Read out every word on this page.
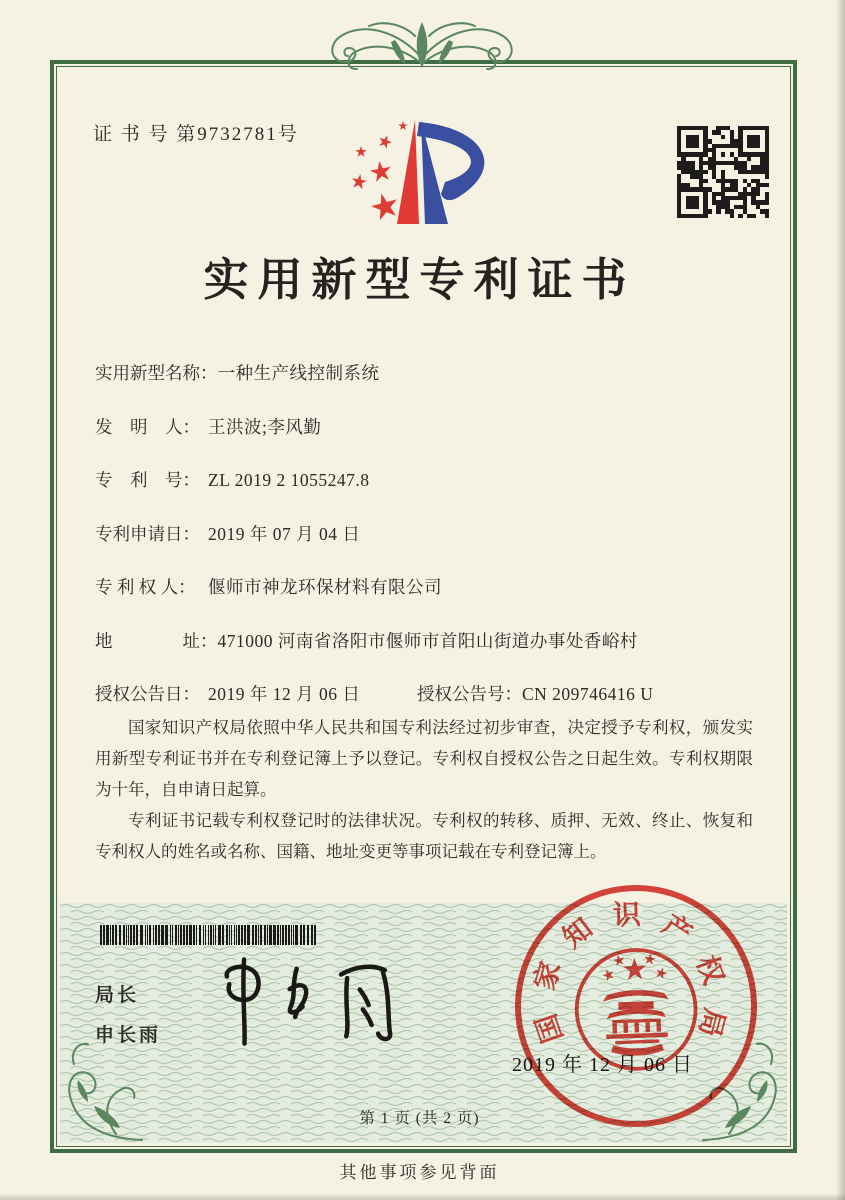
证 书 号 第9732781号
实用新型专利证书
实用新型名称：一种生产线控制系统
发　明　人： 王洪波;李风勤
专　利　号： ZL 2019 2 1055247.8
专利申请日： 2019 年 07 月 04 日
专 利 权 人： 偃师市神龙环保材料有限公司
地　　　　址：471000 河南省洛阳市偃师市首阳山街道办事处香峪村
授权公告日： 2019 年 12 月 06 日	授权公告号：CN 209746416 U

国家知识产权局依照中华人民共和国专利法经过初步审查，决定授予专利权，颁发实用新型专利证书并在专利登记簿上予以登记。专利权自授权公告之日起生效。专利权期限为十年，自申请日起算。

专利证书记载专利权登记时的法律状况。专利权的转移、质押、无效、终止、恢复和专利权人的姓名或名称、国籍、地址变更等事项记载在专利登记簿上。

局长
申长雨	国
家
知 识 产
权
局
2019 年 12 月 06 日
第 1 页 (共 2 页)
其他事项参见背面
